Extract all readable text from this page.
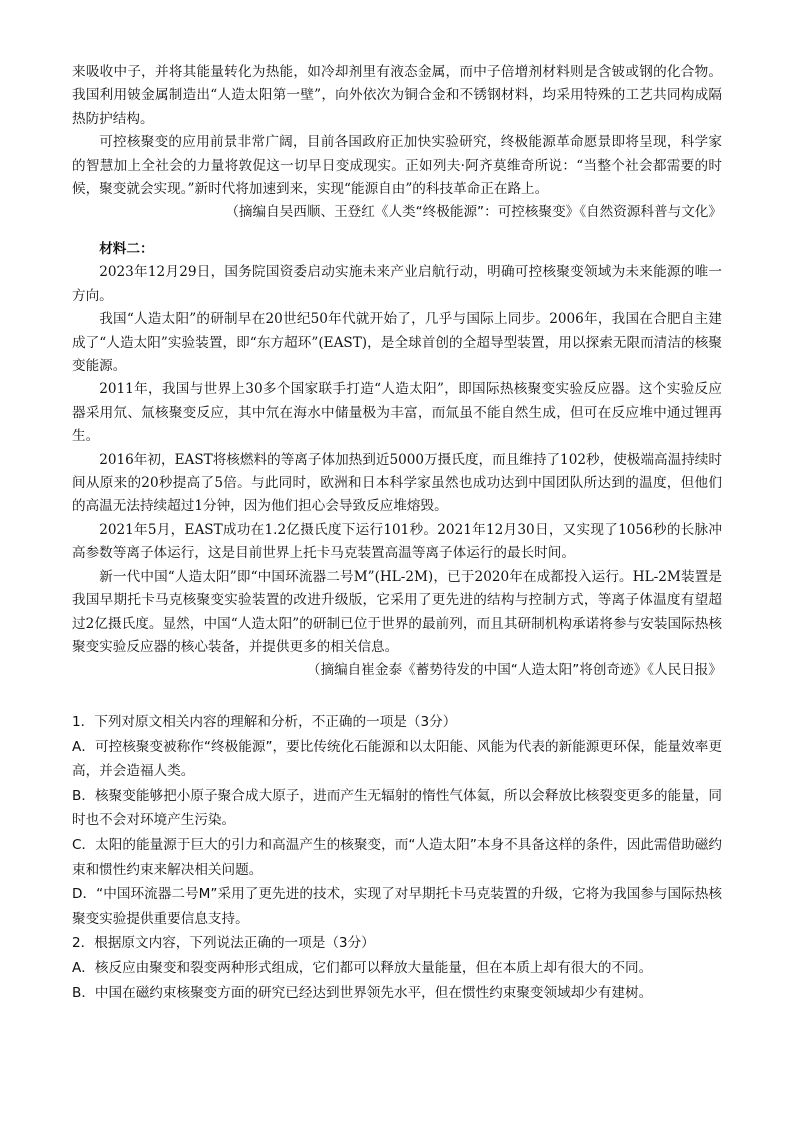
来吸收中子，并将其能量转化为热能，如冷却剂里有液态金属，而中子倍增剂材料则是含铍或钢的化合物。我国利用铍金属制造出“人造太阳第一壁”，向外依次为铜合金和不锈钢材料，均采用特殊的工艺共同构成隔热防护结构。

可控核聚变的应用前景非常广阔，目前各国政府正加快实验研究，终极能源革命愿景即将呈现，科学家的智慧加上全社会的力量将敦促这一切早日变成现实。正如列夫·阿齐莫维奇所说：“当整个社会都需要的时候，聚变就会实现。”新时代将加速到来，实现“能源自由”的科技革命正在路上。

（摘编自吴西顺、王登红《人类“终极能源”：可控核聚变》《自然资源科普与文化》

材料二：

2023年12月29日，国务院国资委启动实施未来产业启航行动，明确可控核聚变领域为未来能源的唯一方向。

我国“人造太阳”的研制早在20世纪50年代就开始了，几乎与国际上同步。2006年，我国在合肥自主建成了“人造太阳”实验装置，即“东方超环”(EAST)，是全球首创的全超导型装置，用以探索无限而清洁的核聚变能源。

2011年，我国与世界上30多个国家联手打造“人造太阳”，即国际热核聚变实验反应器。这个实验反应器采用氘、氚核聚变反应，其中氘在海水中储量极为丰富，而氚虽不能自然生成，但可在反应堆中通过锂再生。

2016年初，EAST将核燃料的等离子体加热到近5000万摄氏度，而且维持了102秒，使极端高温持续时间从原来的20秒提高了5倍。与此同时，欧洲和日本科学家虽然也成功达到中国团队所达到的温度，但他们的高温无法持续超过1分钟，因为他们担心会导致反应堆熔毁。

2021年5月，EAST成功在1.2亿摄氏度下运行101秒。2021年12月30日，又实现了1056秒的长脉冲高参数等离子体运行，这是目前世界上托卡马克装置高温等离子体运行的最长时间。

新一代中国“人造太阳”即“中国环流器二号M”(HL-2M)，已于2020年在成都投入运行。HL-2M装置是我国早期托卡马克核聚变实验装置的改进升级版，它采用了更先进的结构与控制方式，等离子体温度有望超过2亿摄氏度。显然，中国“人造太阳”的研制已位于世界的最前列，而且其研制机构承诺将参与安装国际热核聚变实验反应器的核心装备，并提供更多的相关信息。

（摘编自崔金泰《蓄势待发的中国“人造太阳”将创奇迹》《人民日报》

1．下列对原文相关内容的理解和分析，不正确的一项是（3分）

A．可控核聚变被称作“终极能源”，要比传统化石能源和以太阳能、风能为代表的新能源更环保，能量效率更高，并会造福人类。

B．核聚变能够把小原子聚合成大原子，进而产生无辐射的惰性气体氦，所以会释放比核裂变更多的能量，同时也不会对环境产生污染。

C．太阳的能量源于巨大的引力和高温产生的核聚变，而“人造太阳”本身不具备这样的条件，因此需借助磁约束和惯性约束来解决相关问题。

D．“中国环流器二号M”采用了更先进的技术，实现了对早期托卡马克装置的升级，它将为我国参与国际热核聚变实验提供重要信息支持。

2．根据原文内容，下列说法正确的一项是（3分）

A．核反应由聚变和裂变两种形式组成，它们都可以释放大量能量，但在本质上却有很大的不同。

B．中国在磁约束核聚变方面的研究已经达到世界领先水平，但在惯性约束聚变领域却少有建树。
